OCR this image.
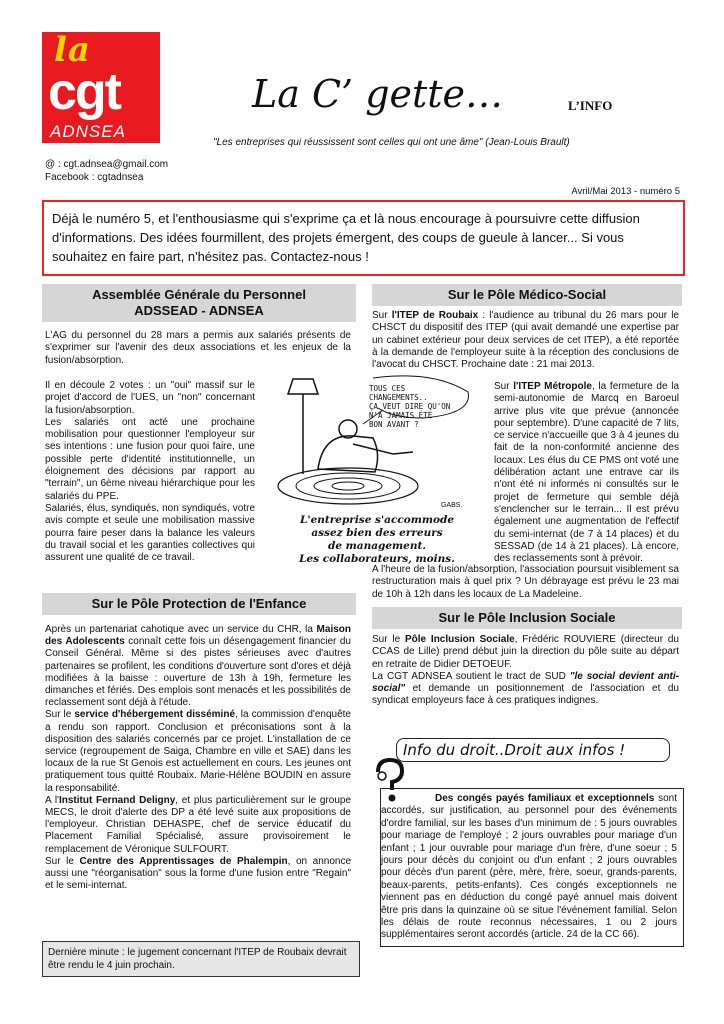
la
cgt
ADNSEA
La C’ gette…	L’INFO
"Les entreprises qui réussissent sont celles qui ont une âme" (Jean-Louis Brault)
@ : cgt.adnsea@gmail.com
Facebook : cgtadnsea
Avril/Mai 2013 - numéro 5
Déjà le numéro 5, et l'enthousiasme qui s'exprime ça et là nous encourage à poursuivre cette diffusion d'informations. Des idées fourmillent, des projets émergent, des coups de gueule à lancer... Si vous souhaitez en faire part, n'hésitez pas. Contactez-nous !
Assemblée Générale du Personnel
ADSSEAD - ADNSEA

L'AG du personnel du 28 mars a permis aux salariés présents de s'exprimer sur l'avenir des deux associations et les enjeux de la fusion/absorption.

Il en découle 2 votes : un "oui" massif sur le projet d'accord de l'UES, un "non" concernant la fusion/absorption.

Les salariés ont acté une prochaine mobilisation pour questionner l'employeur sur ses intentions : une fusion pour quoi faire, une possible perte d'identité institutionnelle, un éloignement des décisions par rapport au "terrain", un 6ème niveau hiérarchique pour les salariés du PPE.

Salariés, élus, syndiqués, non syndiqués, votre avis compte et seule une mobilisation massive pourra faire peser dans la balance les valeurs du travail social et les garanties collectives qui assurent une qualité de ce travail.

Sur le Pôle Protection de l'Enfance

Après un partenariat cahotique avec un service du CHR, la Maison des Adolescents connaît cette fois un désengagement financier du Conseil Général. Même si des pistes sérieuses avec d'autres partenaires se profilent, les conditions d'ouverture sont d'ores et déjà modifiées à la baisse : ouverture de 13h à 19h, fermeture les dimanches et fériés. Des emplois sont menacés et les possibilités de reclassement sont déjà à l'étude.

Sur le service d'hébergement disséminé, la commission d'enquête a rendu son rapport. Conclusion et préconisations sont à la disposition des salariés concernés par ce projet. L'installation de ce service (regroupement de Saiga, Chambre en ville et SAE) dans les locaux de la rue St Genois est actuellement en cours. Les jeunes ont pratiquement tous quitté Roubaix. Marie-Hélène BOUDIN en assure la responsabilité.

A l'Institut Fernand Deligny, et plus particulièrement sur le groupe MECS, le droit d'alerte des DP a été levé suite aux propositions de l'employeur. Christian DEHASPE, chef de service éducatif du Placement Familial Spécialisé, assure provisoirement le remplacement de Véronique SULFOURT.

Sur le Centre des Apprentissages de Phalempin, on annonce aussi une "réorganisation" sous la forme d'une fusion entre "Regain" et le semi-internat.

Dernière minute : le jugement concernant l'ITEP de Roubaix devrait être rendu le 4 juin prochain.
TOUS CES
CHANGEMENTS..
ÇA VEUT DIRE QU'ON
N'A JAMAIS ÉTÉ
BON AVANT ?
GABS.
L'entreprise s'accommode
assez bien des erreurs
de management.
Les collaborateurs, moins.
Sur le Pôle Médico-Social

Sur l'ITEP de Roubaix : l'audience au tribunal du 26 mars pour le CHSCT du dispositif des ITEP (qui avait demandé une expertise par un cabinet extérieur pour deux services de cet ITEP), a été reportée à la demande de l'employeur suite à la réception des conclusions de l'avocat du CHSCT. Prochaine date : 21 mai 2013.

Sur l'ITEP Métropole, la fermeture de la semi-autonomie de Marcq en Baroeul arrive plus vite que prévue (annoncée pour septembre). D'une capacité de 7 lits, ce service n'accueille que 3 à 4 jeunes du fait de la non-conformité ancienne des locaux. Les élus du CE PMS ont voté une délibération actant une entrave car ils n'ont été ni informés ni consultés sur le projet de fermeture qui semble déjà s'enclencher sur le terrain... Il est prévu également une augmentation de l'effectif du semi-internat (de 7 à 14 places) et du SESSAD (de 14 à 21 places). Là encore, des reclassements sont à prévoir.

A l'heure de la fusion/absorption, l'association poursuit visiblement sa restructuration mais à quel prix ? Un débrayage est prévu le 23 mai de 10h à 12h dans les locaux de La Madeleine.

Sur le Pôle Inclusion Sociale

Sur le Pôle Inclusion Sociale, Frédéric ROUVIERE (directeur du CCAS de Lille) prend début juin la direction du pôle suite au départ en retraite de Didier DETOEUF.

La CGT ADNSEA soutient le tract de SUD "le social devient anti-social" et demande un positionnement de l'association et du syndicat employeurs face à ces pratiques indignes.

Info du droit..Droit aux infos !
Des congés payés familiaux et exceptionnels sont accordés, sur justification, au personnel pour des événements d'ordre familial, sur les bases d'un minimum de : 5 jours ouvrables pour mariage de l'employé ; 2 jours ouvrables pour mariage d'un enfant ; 1 jour ouvrable pour mariage d'un frère, d'une soeur ; 5 jours pour décès du conjoint ou d'un enfant ; 2 jours ouvrables pour décès d'un parent (père, mère, frère, soeur, grands-parents, beaux-parents, petits-enfants). Ces congés exceptionnels ne viennent pas en déduction du congé payé annuel mais doivent être pris dans la quinzaine où se situe l'événement familial. Selon les délais de route reconnus nécessaires, 1 ou 2 jours supplémentaires seront accordés (article. 24 de la CC 66).
